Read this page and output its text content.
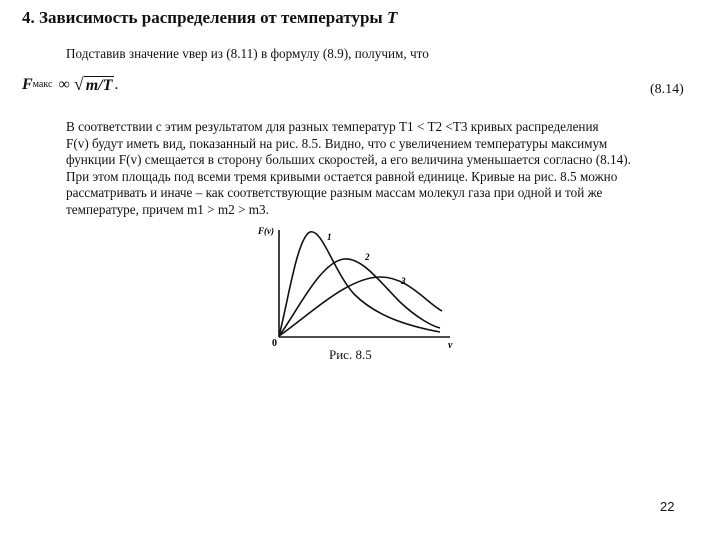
4. Зависимость распределения от температуры T
Подставив значение vвер из (8.11) в формулу (8.9), получим, что
F макс ∞ √ m/T .	(8.14)
В соответствии с этим результатом для разных температур T1 < T2 <T3 кривых распределения
F(v) будут иметь вид, показанный на рис. 8.5. Видно, что с увеличением температуры максимум
функции F(v) смещается в сторону больших скоростей, а его величина уменьшается согласно (8.14).
При этом площадь под всеми тремя кривыми остается равной единице. Кривые на рис. 8.5 можно
рассматривать и иначе – как соответствующие разным массам молекул газа при одной и той же
температуре, причем m1 > m2 > m3.
F(v)
v
0
1
2
3
Рис. 8.5
22
